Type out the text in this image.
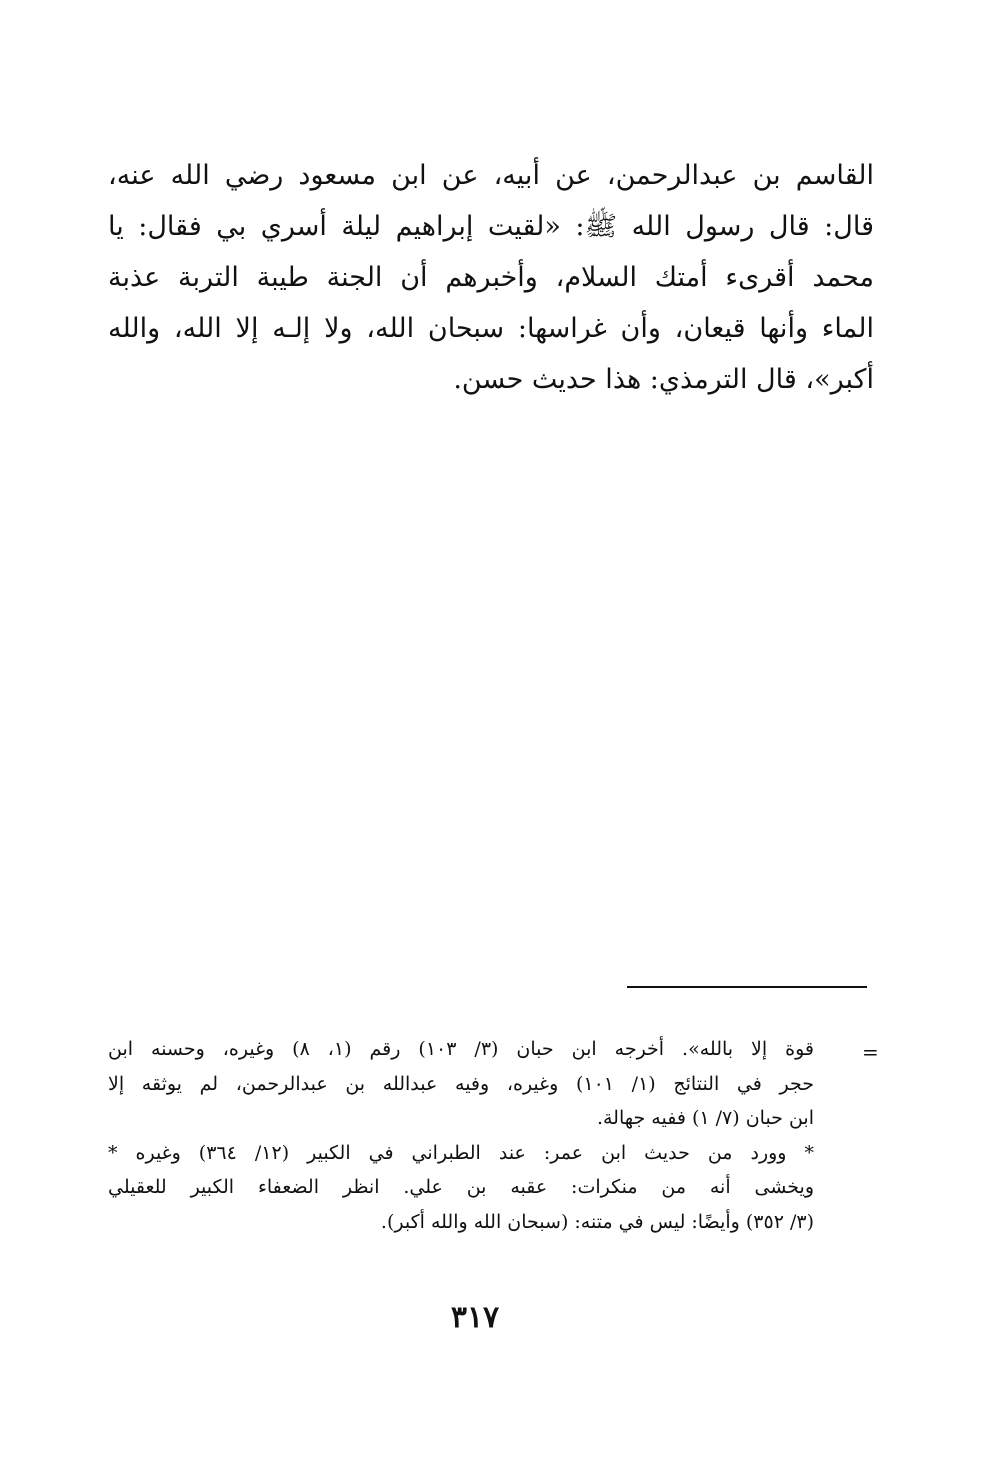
القاسم بن عبدالرحمن، عن أبيه، عن ابن مسعود رضي الله عنه،
قال: قال رسول الله ﷺ: «لقيت إبراهيم ليلة أسري بي فقال: يا
محمد أقرىء أمتك السلام، وأخبرهم أن الجنة طيبة التربة عذبة
الماء وأنها قيعان، وأن غراسها: سبحان الله، ولا إلـه إلا الله، والله
أكبر»، قال الترمذي: هذا حديث حسن.
=
قوة إلا بالله». أخرجه ابن حبان (٣/ ١٠٣) رقم (١، ٨) وغيره، وحسنه ابن
حجر في النتائج (١/ ١٠١) وغيره، وفيه عبدالله بن عبدالرحمن، لم يوثقه إلا
ابن حبان (٧/ ١) ففيه جهالة.
* وورد من حديث ابن عمر: عند الطبراني في الكبير (١٢/ ٣٦٤) وغيره *
ويخشى أنه من منكرات: عقبه بن علي. انظر الضعفاء الكبير للعقيلي
(٣/ ٣٥٢) وأيضًا: ليس في متنه: (سبحان الله والله أكبر).
٣١٧
